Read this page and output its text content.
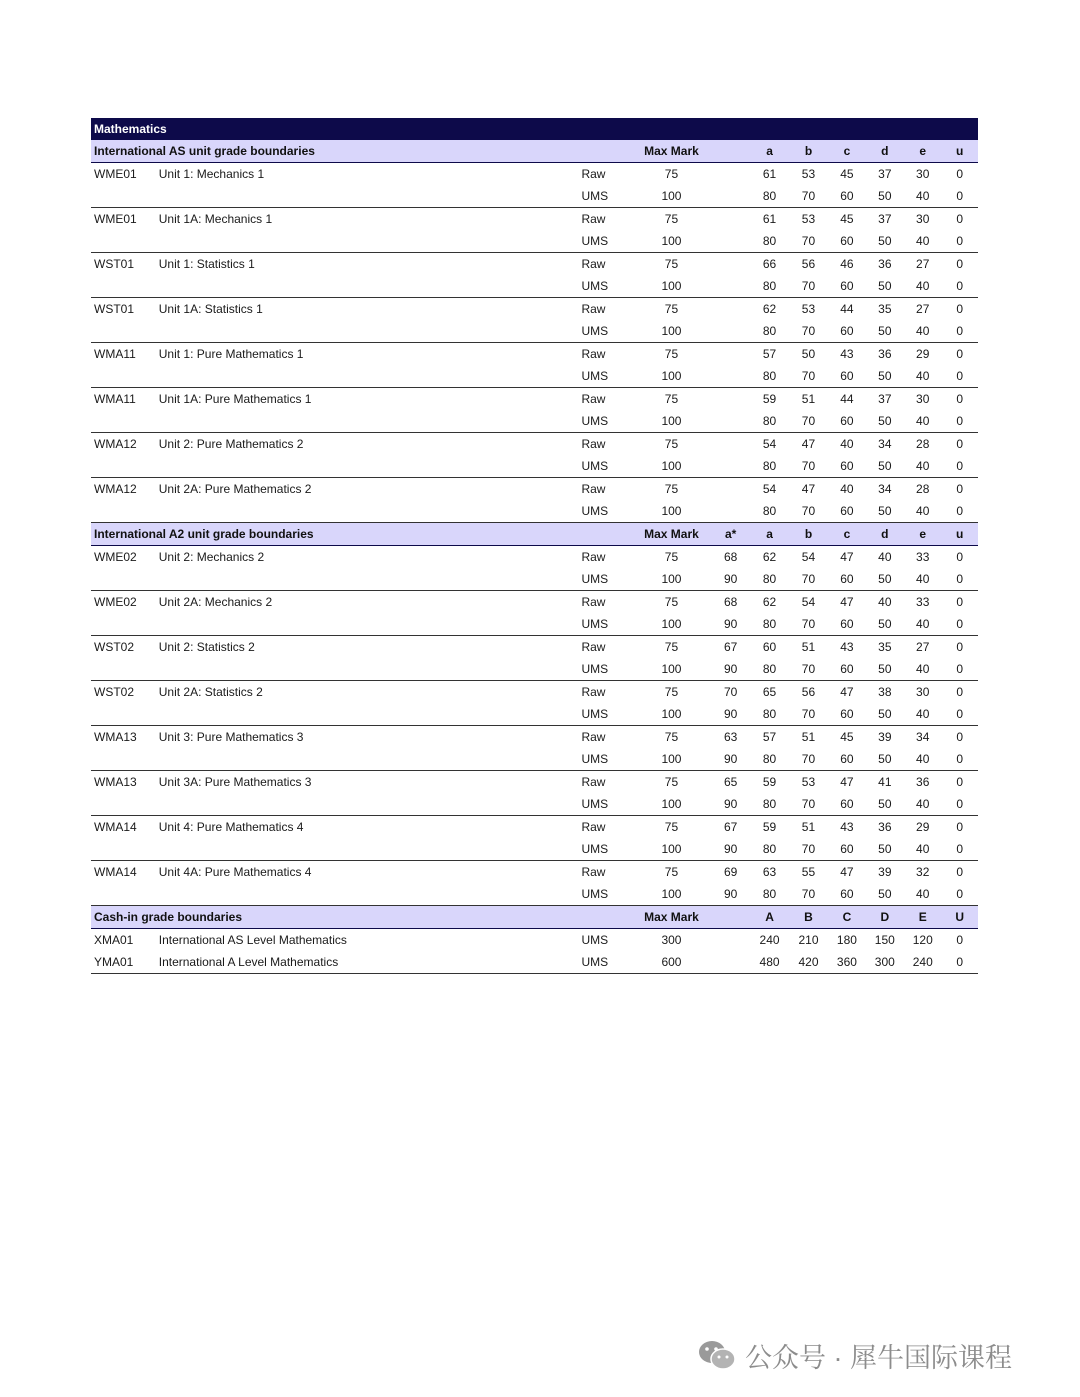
Mathematics										
International AS unit grade boundaries			Max Mark		a	b	c	d	e	u
WME01	Unit 1: Mechanics 1	Raw	75		61	53	45	37	30	0
		UMS	100		80	70	60	50	40	0
WME01	Unit 1A: Mechanics 1	Raw	75		61	53	45	37	30	0
		UMS	100		80	70	60	50	40	0
WST01	Unit 1: Statistics 1	Raw	75		66	56	46	36	27	0
		UMS	100		80	70	60	50	40	0
WST01	Unit 1A: Statistics 1	Raw	75		62	53	44	35	27	0
		UMS	100		80	70	60	50	40	0
WMA11	Unit 1: Pure Mathematics 1	Raw	75		57	50	43	36	29	0
		UMS	100		80	70	60	50	40	0
WMA11	Unit 1A: Pure Mathematics 1	Raw	75		59	51	44	37	30	0
		UMS	100		80	70	60	50	40	0
WMA12	Unit 2: Pure Mathematics 2	Raw	75		54	47	40	34	28	0
		UMS	100		80	70	60	50	40	0
WMA12	Unit 2A: Pure Mathematics 2	Raw	75		54	47	40	34	28	0
		UMS	100		80	70	60	50	40	0
International A2 unit grade boundaries			Max Mark	a*	a	b	c	d	e	u
WME02	Unit 2: Mechanics 2	Raw	75	68	62	54	47	40	33	0
		UMS	100	90	80	70	60	50	40	0
WME02	Unit 2A: Mechanics 2	Raw	75	68	62	54	47	40	33	0
		UMS	100	90	80	70	60	50	40	0
WST02	Unit 2: Statistics 2	Raw	75	67	60	51	43	35	27	0
		UMS	100	90	80	70	60	50	40	0
WST02	Unit 2A: Statistics 2	Raw	75	70	65	56	47	38	30	0
		UMS	100	90	80	70	60	50	40	0
WMA13	Unit 3: Pure Mathematics 3	Raw	75	63	57	51	45	39	34	0
		UMS	100	90	80	70	60	50	40	0
WMA13	Unit 3A: Pure Mathematics 3	Raw	75	65	59	53	47	41	36	0
		UMS	100	90	80	70	60	50	40	0
WMA14	Unit 4: Pure Mathematics 4	Raw	75	67	59	51	43	36	29	0
		UMS	100	90	80	70	60	50	40	0
WMA14	Unit 4A: Pure Mathematics 4	Raw	75	69	63	55	47	39	32	0
		UMS	100	90	80	70	60	50	40	0
Cash-in grade boundaries			Max Mark		A	B	C	D	E	U
XMA01	International AS Level Mathematics	UMS	300		240	210	180	150	120	0
YMA01	International A Level Mathematics	UMS	600		480	420	360	300	240	0
公众号 · 犀牛国际课程
